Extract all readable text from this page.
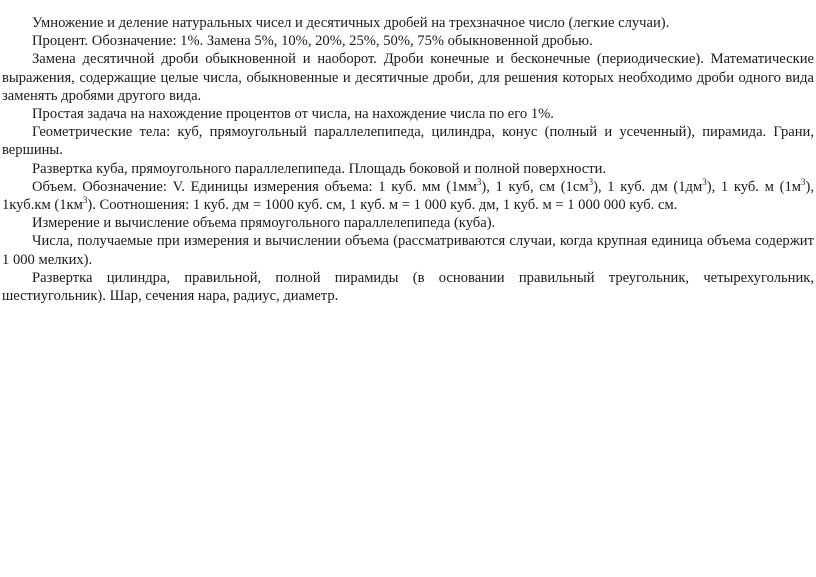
Умножение и деление натуральных чисел и десятичных дробей на трехзначное число (легкие случаи).

Процент. Обозначение: 1%. Замена 5%, 10%, 20%, 25%, 50%, 75% обыкновенной дробью.

Замена десятичной дроби обыкновенной и наоборот. Дроби конечные и бесконечные (периодические). Математические выражения, содержащие целые числа, обыкновенные и десятичные дроби, для решения которых необходимо дроби одного вида заменять дробями другого вида.

Простая задача на нахождение процентов от числа, на нахождение числа по его 1%.

Геометрические тела: куб, прямоугольный параллелепипеда, цилиндра, конус (полный и усеченный), пирамида. Грани, вершины.

Развертка куба, прямоугольного параллелепипеда. Площадь боковой и полной поверхности.

Объем. Обозначение: V. Единицы измерения объема: 1 куб. мм $(1мм^3)$, 1 куб, см $(1см^3)$, 1 куб. дм $(1дм^3)$, 1 куб. м $(1м^3)$, 1куб.км $(1км^3)$. Соотношения: 1 куб. дм = 1000 куб. см, 1 куб. м = 1 000 куб. дм, 1 куб. м = 1 000 000 куб. см.

Измерение и вычисление объема прямоугольного параллелепипеда (куба).

Числа, получаемые при измерения и вычислении объема (рассматриваются случаи, когда крупная единица объема содержит 1 000 мелких).

Развертка цилиндра, правильной, полной пирамиды (в основании правильный треугольник, четырехугольник, шестиугольник). Шар, сечения нара, радиус, диаметр.
